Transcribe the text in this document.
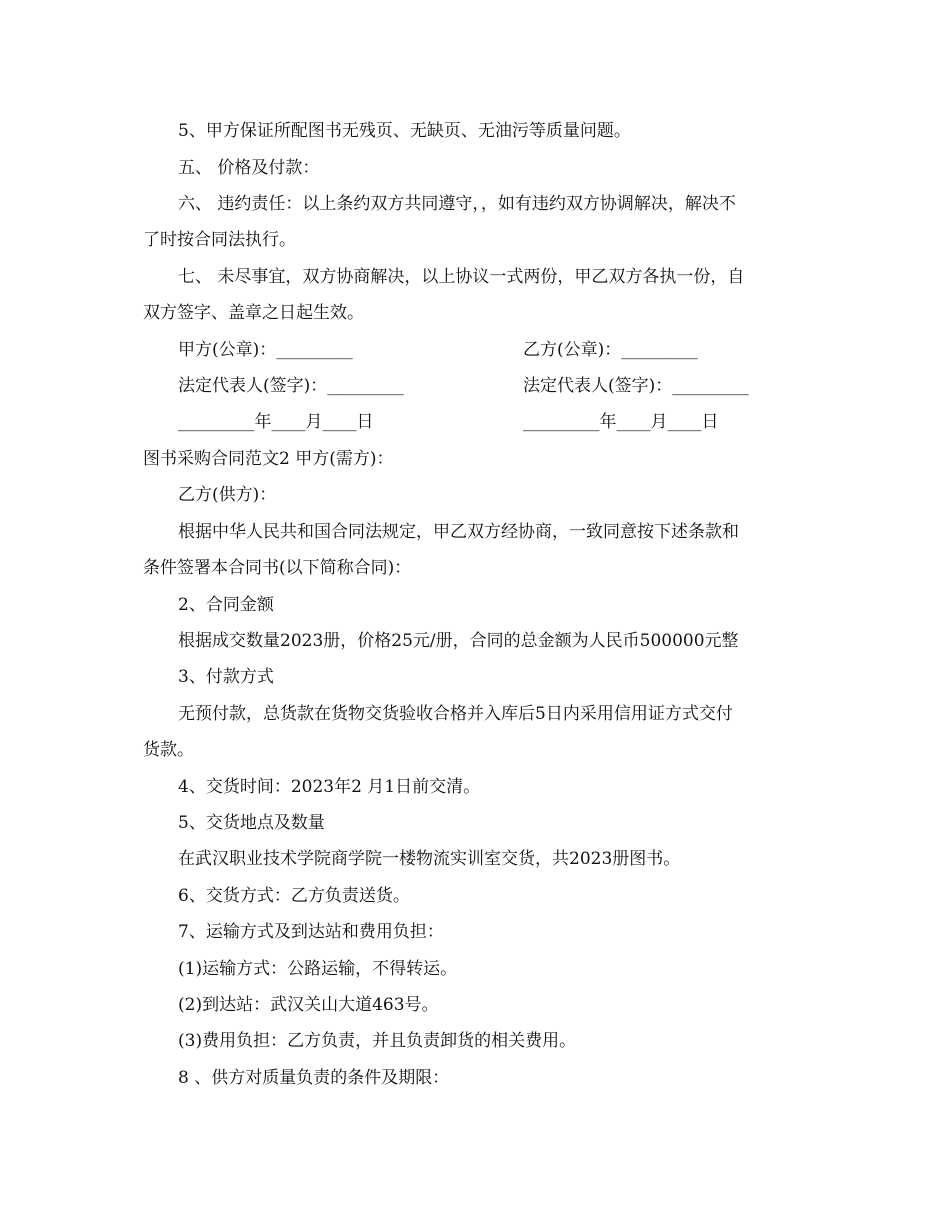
5、甲方保证所配图书无残页、无缺页、无油污等质量问题。
五、 价格及付款：
六、 违约责任：以上条约双方共同遵守，，如有违约双方协调解决，解决不
了时按合同法执行。
七、 未尽事宜，双方协商解决，以上协议一式两份，甲乙双方各执一份，自
双方签字、盖章之日起生效。
甲方(公章)：_________	乙方(公章)：_________
法定代表人(签字)：_________	法定代表人(签字)：_________
_________年____月____日	_________年____月____日
图书采购合同范文2 甲方(需方)：
乙方(供方)：
根据中华人民共和国合同法规定，甲乙双方经协商，一致同意按下述条款和
条件签署本合同书(以下简称合同)：
2、合同金额
根据成交数量2023册，价格25元/册，合同的总金额为人民币500000元整
3、付款方式
无预付款，总货款在货物交货验收合格并入库后5日内采用信用证方式交付
货款。
4、交货时间：2023年2 月1日前交清。
5、交货地点及数量
在武汉职业技术学院商学院一楼物流实训室交货，共2023册图书。
6、交货方式：乙方负责送货。
7、运输方式及到达站和费用负担：
(1)运输方式：公路运输，不得转运。
(2)到达站：武汉关山大道463号。
(3)费用负担：乙方负责，并且负责卸货的相关费用。
8 、供方对质量负责的条件及期限：
